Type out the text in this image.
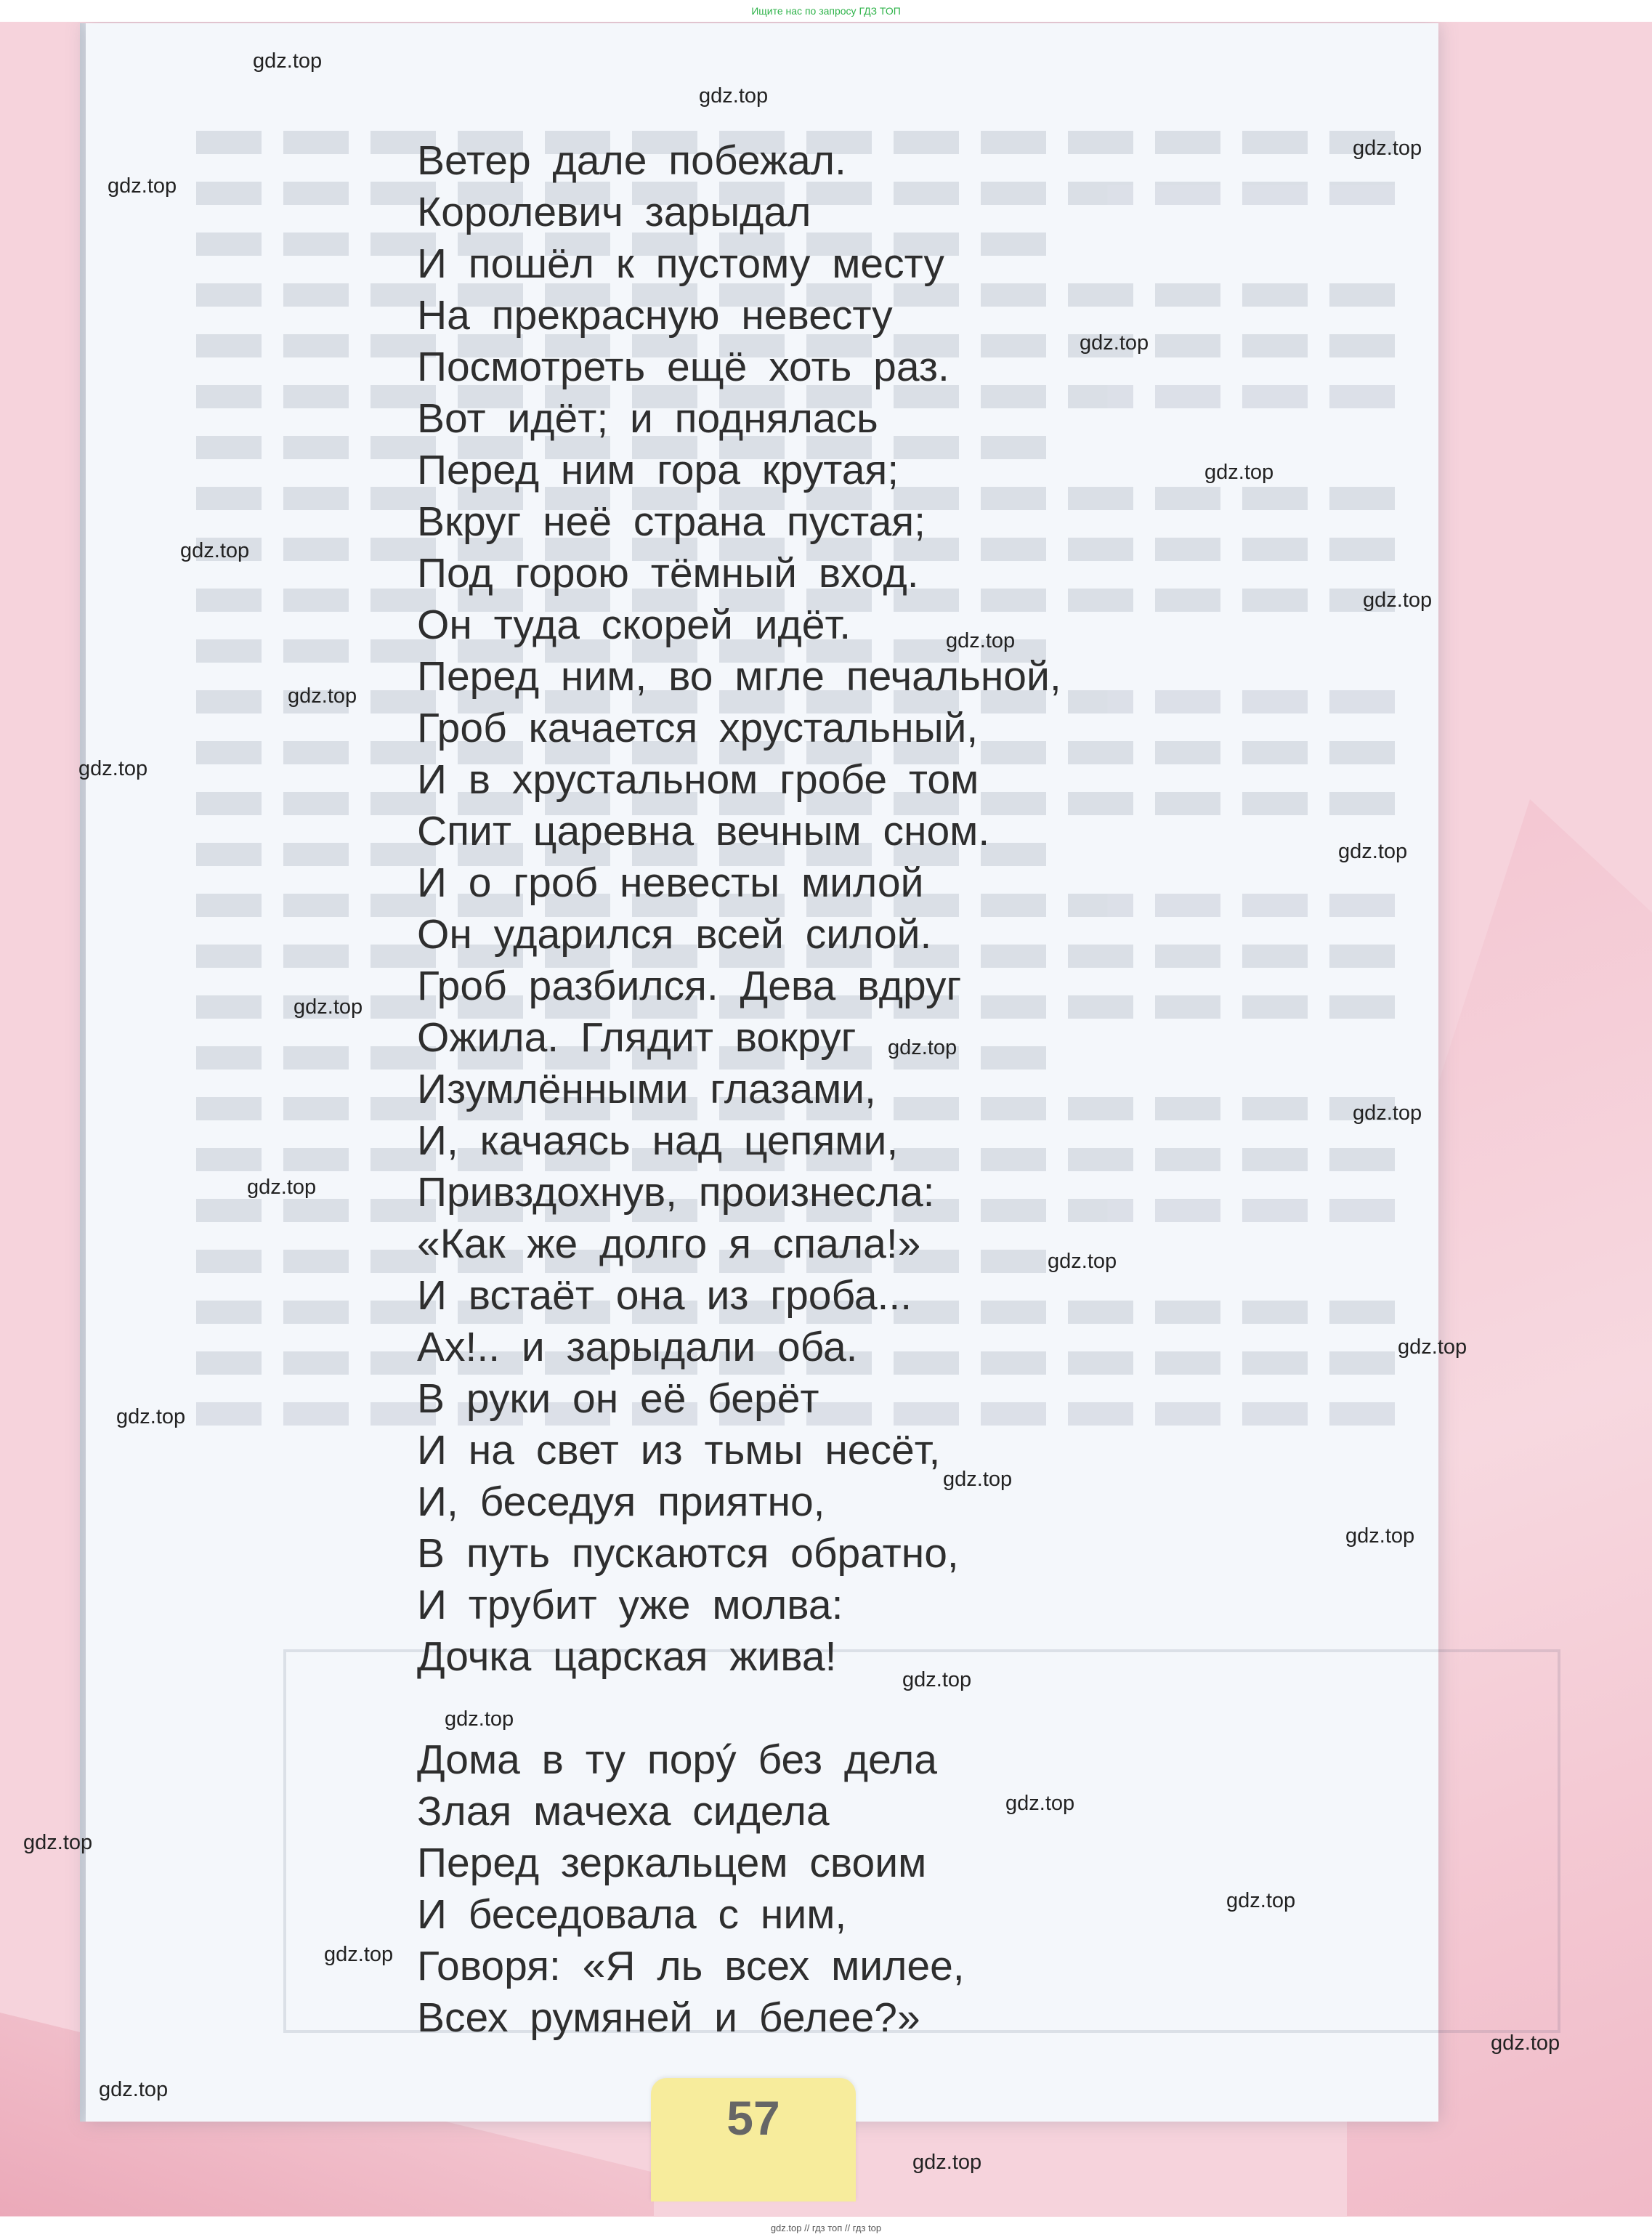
Ищите нас по запросу ГДЗ ТОП
Ветер дале побежал.
Королевич зарыдал
И пошёл к пустому месту
На прекрасную невесту
Посмотреть ещё хоть раз.
Вот идёт; и поднялась
Перед ним гора крутая;
Вкруг неё страна пустая;
Под горою тёмный вход.
Он туда скорей идёт.
Перед ним, во мгле печальной,
Гроб качается хрустальный,
И в хрустальном гробе том
Спит царевна вечным сном.
И о гроб невесты милой
Он ударился всей силой.
Гроб разбился. Дева вдруг
Ожила. Глядит вокруг
Изумлёнными глазами,
И, качаясь над цепями,
Привздохнув, произнесла:
«Как же долго я спала!»
И встаёт она из гроба...
Ах!.. и зарыдали оба.
В руки он её берёт
И на свет из тьмы несёт,
И, беседуя приятно,
В путь пускаются обратно,
И трубит уже молва:
Дочка царская жива!
Дома в ту порý без дела
Злая мачеха сидела
Перед зеркальцем своим
И беседовала с ним,
Говоря: «Я ль всех милее,
Всех румяней и белее?»
57
gdz.top
gdz.top
gdz.top
gdz.top
gdz.top
gdz.top
gdz.top
gdz.top
gdz.top
gdz.top
gdz.top
gdz.top
gdz.top
gdz.top
gdz.top
gdz.top
gdz.top
gdz.top
gdz.top
gdz.top
gdz.top
gdz.top
gdz.top
gdz.top
gdz.top
gdz.top
gdz.top
gdz.top
gdz.top
gdz.top
gdz.top // гдз топ // гдз top
